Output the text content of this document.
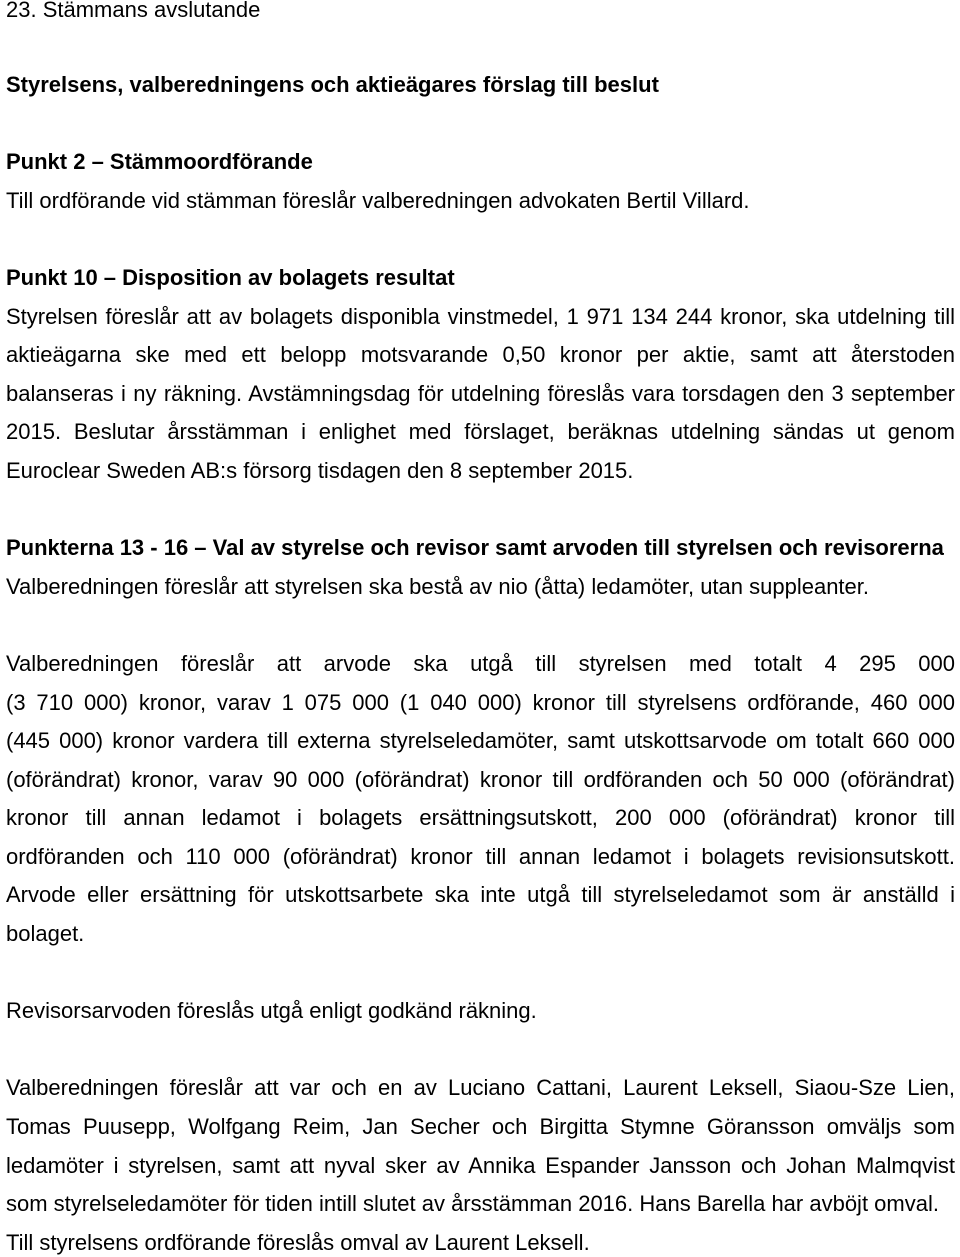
23. Stämmans avslutande
Styrelsens, valberedningens och aktieägares förslag till beslut
Punkt 2 – Stämmoordförande
Till ordförande vid stämman föreslår valberedningen advokaten Bertil Villard.
Punkt 10 – Disposition av bolagets resultat
Styrelsen föreslår att av bolagets disponibla vinstmedel, 1 971 134 244 kronor, ska utdelning till
aktieägarna ske med ett belopp motsvarande 0,50 kronor per aktie, samt att återstoden
balanseras i ny räkning. Avstämningsdag för utdelning föreslås vara torsdagen den 3 september
2015. Beslutar årsstämman i enlighet med förslaget, beräknas utdelning sändas ut genom
Euroclear Sweden AB:s försorg tisdagen den 8 september 2015.
Punkterna 13 - 16 – Val av styrelse och revisor samt arvoden till styrelsen och revisorerna
Valberedningen föreslår att styrelsen ska bestå av nio (åtta) ledamöter, utan suppleanter.
Valberedningen föreslår att arvode ska utgå till styrelsen med totalt 4 295 000
(3 710 000) kronor, varav 1 075 000 (1 040 000) kronor till styrelsens ordförande, 460 000
(445 000) kronor vardera till externa styrelseledamöter, samt utskottsarvode om totalt 660 000
(oförändrat) kronor, varav 90 000 (oförändrat) kronor till ordföranden och 50 000 (oförändrat)
kronor till annan ledamot i bolagets ersättningsutskott, 200 000 (oförändrat) kronor till
ordföranden och 110 000 (oförändrat) kronor till annan ledamot i bolagets revisionsutskott.
Arvode eller ersättning för utskottsarbete ska inte utgå till styrelseledamot som är anställd i
bolaget.
Revisorsarvoden föreslås utgå enligt godkänd räkning.
Valberedningen föreslår att var och en av Luciano Cattani, Laurent Leksell, Siaou-Sze Lien,
Tomas Puusepp, Wolfgang Reim, Jan Secher och Birgitta Stymne Göransson omväljs som
ledamöter i styrelsen, samt att nyval sker av Annika Espander Jansson och Johan Malmqvist
som styrelseledamöter för tiden intill slutet av årsstämman 2016. Hans Barella har avböjt omval.
Till styrelsens ordförande föreslås omval av Laurent Leksell.
